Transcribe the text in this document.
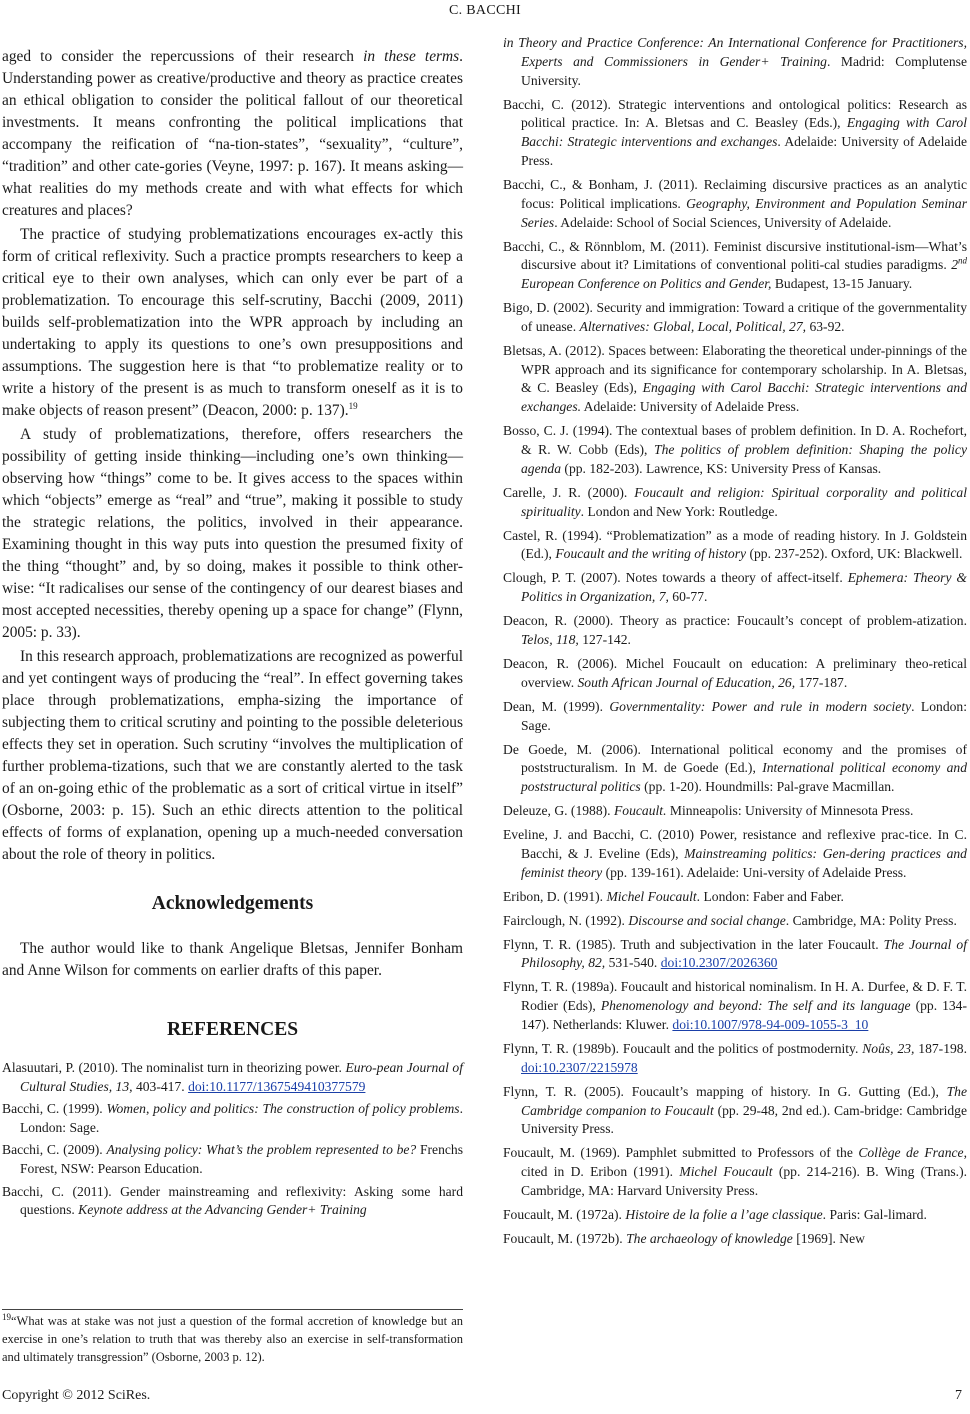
C. BACCHI

aged to consider the repercussions of their research in these terms. Understanding power as creative/productive and theory as practice creates an ethical obligation to consider the political fallout of our theoretical investments. It means confronting the political implications that accompany the reification of “na-tion-states”, “sexuality”, “culture”, “tradition” and other cate-gories (Veyne, 1997: p. 167). It means asking—what realities do my methods create and with what effects for which creatures and places?

The practice of studying problematizations encourages ex-actly this form of critical reflexivity. Such a practice prompts researchers to keep a critical eye to their own analyses, which can only ever be part of a problematization. To encourage this self-scrutiny, Bacchi (2009, 2011) builds self-problematization into the WPR approach by including an undertaking to apply its questions to one’s own presuppositions and assumptions. The suggestion here is that “to problematize reality or to write a history of the present is as much to transform oneself as it is to make objects of reason present” (Deacon, 2000: p. 137).$^{19}$

A study of problematizations, therefore, offers researchers the possibility of getting inside thinking—including one’s own thinking—observing how “things” come to be. It gives access to the spaces within which “objects” emerge as “real” and “true”, making it possible to study the strategic relations, the politics, involved in their appearance. Examining thought in this way puts into question the presumed fixity of the thing “thought” and, by so doing, makes it possible to think other-wise: “It radicalises our sense of the contingency of our dearest biases and most accepted necessities, thereby opening up a space for change” (Flynn, 2005: p. 33).

In this research approach, problematizations are recognized as powerful and yet contingent ways of producing the “real”. In effect governing takes place through problematizations, empha-sizing the importance of subjecting them to critical scrutiny and pointing to the possible deleterious effects they set in operation. Such scrutiny “involves the multiplication of further problema-tizations, such that we are constantly alerted to the task of an on-going ethic of the problematic as a sort of critical virtue in itself” (Osborne, 2003: p. 15). Such an ethic directs attention to the political effects of forms of explanation, opening up a much-needed conversation about the role of theory in politics.

Acknowledgements

The author would like to thank Angelique Bletsas, Jennifer Bonham and Anne Wilson for comments on earlier drafts of this paper.

REFERENCES
Alasuutari, P. (2010). The nominalist turn in theorizing power. Euro-pean Journal of Cultural Studies, 13, 403-417. doi:10.1177/1367549410377579
Bacchi, C. (1999). Women, policy and politics: The construction of policy problems. London: Sage.
Bacchi, C. (2009). Analysing policy: What’s the problem represented to be? Frenchs Forest, NSW: Pearson Education.
Bacchi, C. (2011). Gender mainstreaming and reflexivity: Asking some hard questions. Keynote address at the Advancing Gender+ Training
in Theory and Practice Conference: An International Conference for Practitioners, Experts and Commissioners in Gender+ Training. Madrid: Complutense University.
Bacchi, C. (2012). Strategic interventions and ontological politics: Research as political practice. In: A. Bletsas and C. Beasley (Eds.), Engaging with Carol Bacchi: Strategic interventions and exchanges. Adelaide: University of Adelaide Press.
Bacchi, C., & Bonham, J. (2011). Reclaiming discursive practices as an analytic focus: Political implications. Geography, Environment and Population Seminar Series. Adelaide: School of Social Sciences, University of Adelaide.
Bacchi, C., & Rönnblom, M. (2011). Feminist discursive institutional-ism—What’s discursive about it? Limitations of conventional politi-cal studies paradigms. 2nd European Conference on Politics and Gender, Budapest, 13-15 January.
Bigo, D. (2002). Security and immigration: Toward a critique of the governmentality of unease. Alternatives: Global, Local, Political, 27, 63-92.
Bletsas, A. (2012). Spaces between: Elaborating the theoretical under-pinnings of the WPR approach and its significance for contemporary scholarship. In A. Bletsas, & C. Beasley (Eds), Engaging with Carol Bacchi: Strategic interventions and exchanges. Adelaide: University of Adelaide Press.
Bosso, C. J. (1994). The contextual bases of problem definition. In D. A. Rochefort, & R. W. Cobb (Eds), The politics of problem definition: Shaping the policy agenda (pp. 182-203). Lawrence, KS: University Press of Kansas.
Carelle, J. R. (2000). Foucault and religion: Spiritual corporality and political spirituality. London and New York: Routledge.
Castel, R. (1994). “Problematization” as a mode of reading history. In J. Goldstein (Ed.), Foucault and the writing of history (pp. 237-252). Oxford, UK: Blackwell.
Clough, P. T. (2007). Notes towards a theory of affect-itself. Ephemera: Theory & Politics in Organization, 7, 60-77.
Deacon, R. (2000). Theory as practice: Foucault’s concept of problem-atization. Telos, 118, 127-142.
Deacon, R. (2006). Michel Foucault on education: A preliminary theo-retical overview. South African Journal of Education, 26, 177-187.
Dean, M. (1999). Governmentality: Power and rule in modern society. London: Sage.
De Goede, M. (2006). International political economy and the promises of poststructuralism. In M. de Goede (Ed.), International political economy and poststructural politics (pp. 1-20). Houndmills: Pal-grave Macmillan.
Deleuze, G. (1988). Foucault. Minneapolis: University of Minnesota Press.
Eveline, J. and Bacchi, C. (2010) Power, resistance and reflexive prac-tice. In C. Bacchi, & J. Eveline (Eds), Mainstreaming politics: Gen-dering practices and feminist theory (pp. 139-161). Adelaide: Uni-versity of Adelaide Press.
Eribon, D. (1991). Michel Foucault. London: Faber and Faber.
Fairclough, N. (1992). Discourse and social change. Cambridge, MA: Polity Press.
Flynn, T. R. (1985). Truth and subjectivation in the later Foucault. The Journal of Philosophy, 82, 531-540. doi:10.2307/2026360
Flynn, T. R. (1989a). Foucault and historical nominalism. In H. A. Durfee, & D. F. T. Rodier (Eds), Phenomenology and beyond: The self and its language (pp. 134-147). Netherlands: Kluwer. doi:10.1007/978-94-009-1055-3_10
Flynn, T. R. (1989b). Foucault and the politics of postmodernity. Noûs, 23, 187-198. doi:10.2307/2215978
Flynn, T. R. (2005). Foucault’s mapping of history. In G. Gutting (Ed.), The Cambridge companion to Foucault (pp. 29-48, 2nd ed.). Cam-bridge: Cambridge University Press.
Foucault, M. (1969). Pamphlet submitted to Professors of the Collège de France, cited in D. Eribon (1991). Michel Foucault (pp. 214-216). B. Wing (Trans.). Cambridge, MA: Harvard University Press.
Foucault, M. (1972a). Histoire de la folie a l’age classique. Paris: Gal-limard.
Foucault, M. (1972b). The archaeology of knowledge [1969]. New

$^{19}$“What was at stake was not just a question of the formal accretion of knowledge but an exercise in one’s relation to truth that was thereby also an exercise in self-transformation and ultimately transgression” (Osborne, 2003 p. 12).

Copyright © 2012 SciRes.	7
